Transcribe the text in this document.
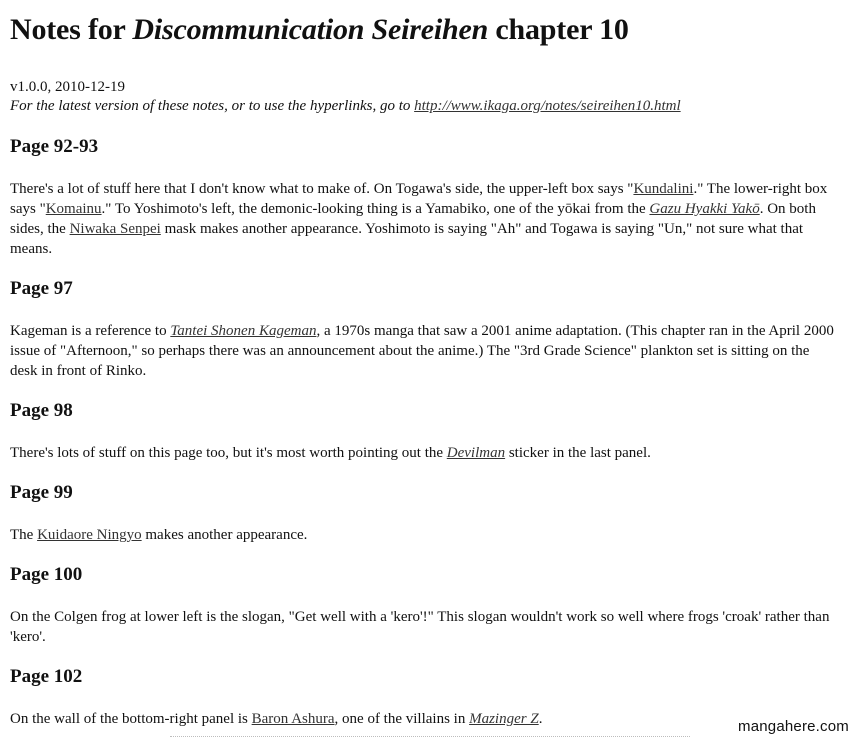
Notes for Discommunication Seireihen chapter 10
v1.0.0, 2010-12-19
For the latest version of these notes, or to use the hyperlinks, go to http://www.ikaga.org/notes/seireihen10.html
Page 92-93

There's a lot of stuff here that I don't know what to make of. On Togawa's side, the upper-left box says "Kundalini." The lower-right box says "Komainu." To Yoshimoto's left, the demonic-looking thing is a Yamabiko, one of the yōkai from the Gazu Hyakki Yakō. On both sides, the Niwaka Senpei mask makes another appearance. Yoshimoto is saying "Ah" and Togawa is saying "Un," not sure what that means.

Page 97

Kageman is a reference to Tantei Shonen Kageman, a 1970s manga that saw a 2001 anime adaptation. (This chapter ran in the April 2000 issue of "Afternoon," so perhaps there was an announcement about the anime.) The "3rd Grade Science" plankton set is sitting on the desk in front of Rinko.

Page 98

There's lots of stuff on this page too, but it's most worth pointing out the Devilman sticker in the last panel.

Page 99

The Kuidaore Ningyo makes another appearance.

Page 100

On the Colgen frog at lower left is the slogan, "Get well with a 'kero'!" This slogan wouldn't work so well where frogs 'croak' rather than 'kero'.

Page 102

On the wall of the bottom-right panel is Baron Ashura, one of the villains in Mazinger Z.	mangahere.com
